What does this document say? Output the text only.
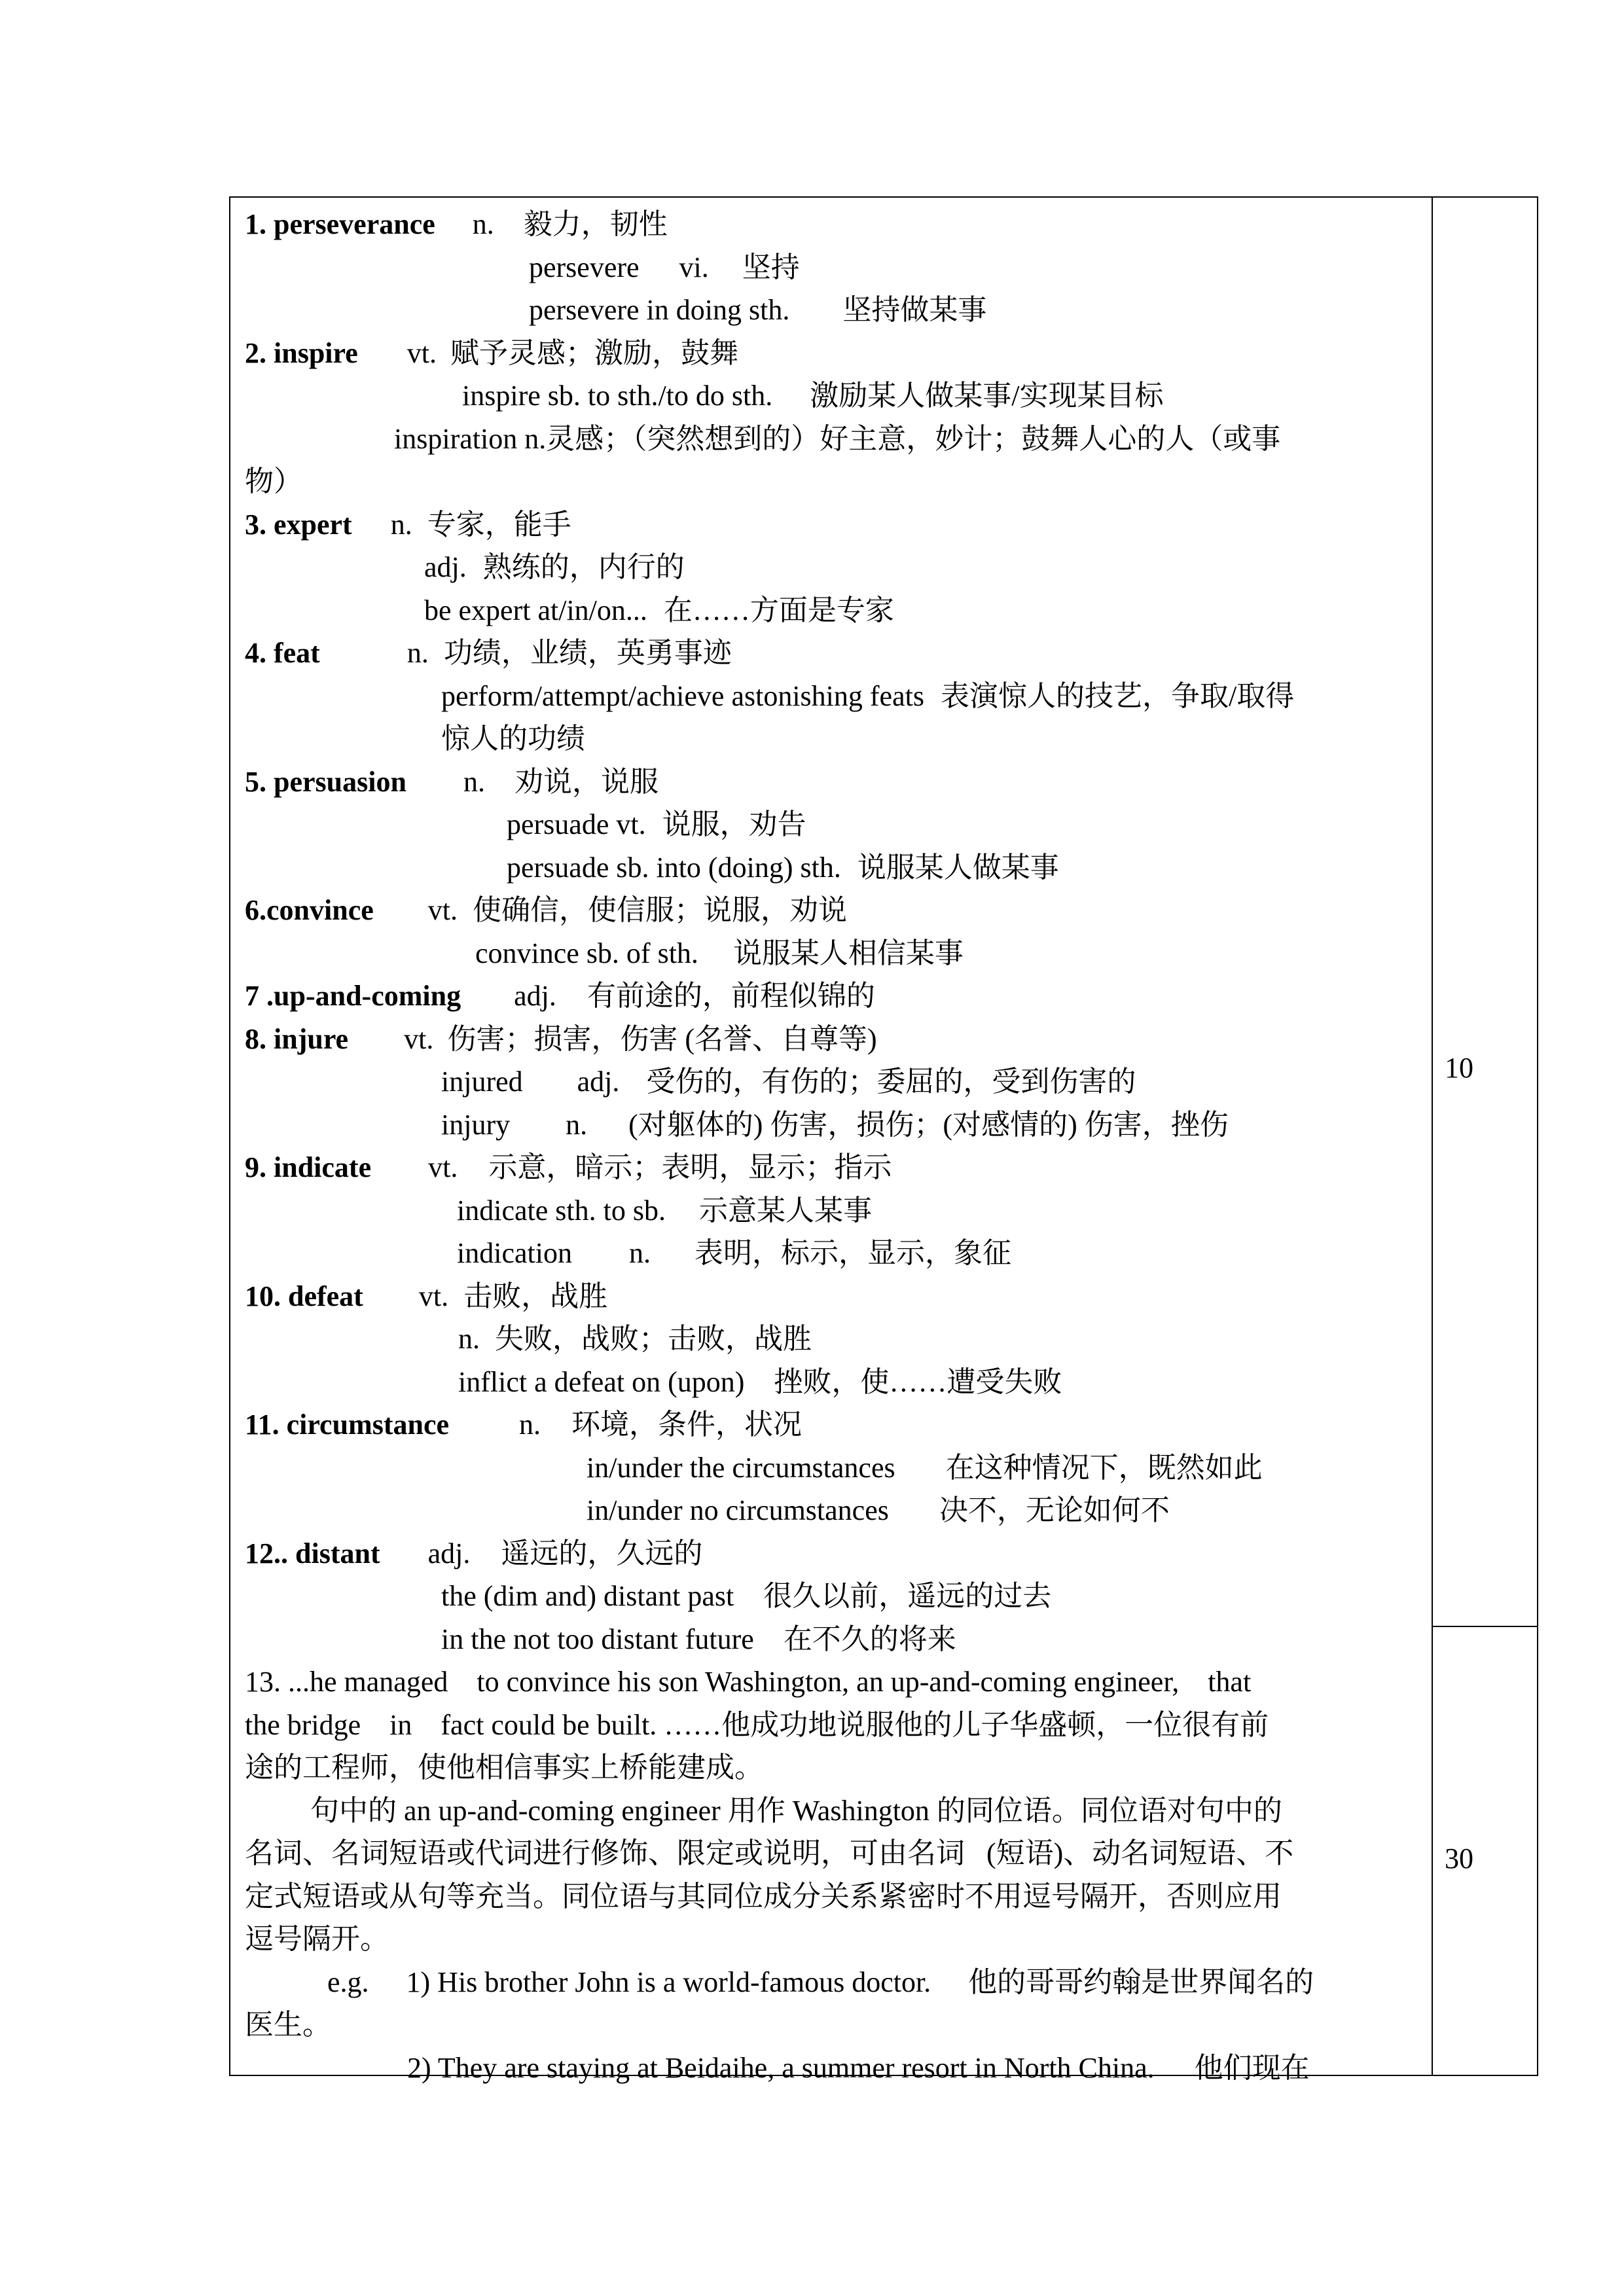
10
30
1. perseverance n. 毅力，韧性
persevere vi. 坚持
persevere in doing sth. 坚持做某事
2. inspire vt. 赋予灵感；激励，鼓舞
inspire sb. to sth./to do sth. 激励某人做某事/实现某目标
inspiration n.灵感；（突然想到的）好主意，妙计；鼓舞人心的人（或事
物）
3. expert n. 专家，能手
adj. 熟练的，内行的
be expert at/in/on... 在……方面是专家
4. feat	n. 功绩，业绩，英勇事迹
perform/attempt/achieve astonishing feats 表演惊人的技艺，争取/取得
惊人的功绩
5. persuasion n. 劝说，说服
persuade vt. 说服，劝告
persuade sb. into (doing) sth. 说服某人做某事
6.convince vt. 使确信，使信服；说服，劝说
convince sb. of sth. 说服某人相信某事
7 .up-and-coming adj. 有前途的，前程似锦的
8. injure vt. 伤害；损害，伤害 (名誉、自尊等)
injured adj. 受伤的，有伤的；委屈的，受到伤害的
injury n. (对躯体的) 伤害，损伤；(对感情的) 伤害，挫伤
9. indicate vt. 示意，暗示；表明，显示；指示
indicate sth. to sb. 示意某人某事
indication n. 表明，标示，显示，象征
10. defeat vt. 击败，战胜
n. 失败，战败；击败，战胜
inflict a defeat on (upon) 挫败，使……遭受失败
11. circumstance n. 环境，条件，状况
in/under the circumstances 在这种情况下，既然如此
in/under no circumstances 决不，无论如何不
12.. distant adj. 遥远的，久远的
the (dim and) distant past 很久以前，遥远的过去
in the not too distant future 在不久的将来
13. ...he managed    to convince his son Washington, an up-and-coming engineer,    that
the bridge    in    fact could be built. ……他成功地说服他的儿子华盛顿，一位很有前
途的工程师，使他相信事实上桥能建成。
句中的 an up-and-coming engineer 用作 Washington 的同位语。同位语对句中的
名词、名词短语或代词进行修饰、限定或说明，可由名词   (短语)、动名词短语、不
定式短语或从句等充当。同位语与其同位成分关系紧密时不用逗号隔开，否则应用
逗号隔开。
e.g. 1) His brother John is a world-famous doctor. 他的哥哥约翰是世界闻名的
医生。
2) They are staying at Beidaihe, a summer resort in North China. 他们现在
